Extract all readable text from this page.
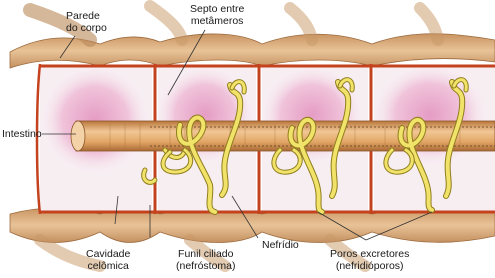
Parede
do corpo
Septo entre
metâmeros
Intestino
Cavidade
celômica
Funil ciliado
(nefróstoma)
Nefrídio
Poros excretores
(nefridióporos)
